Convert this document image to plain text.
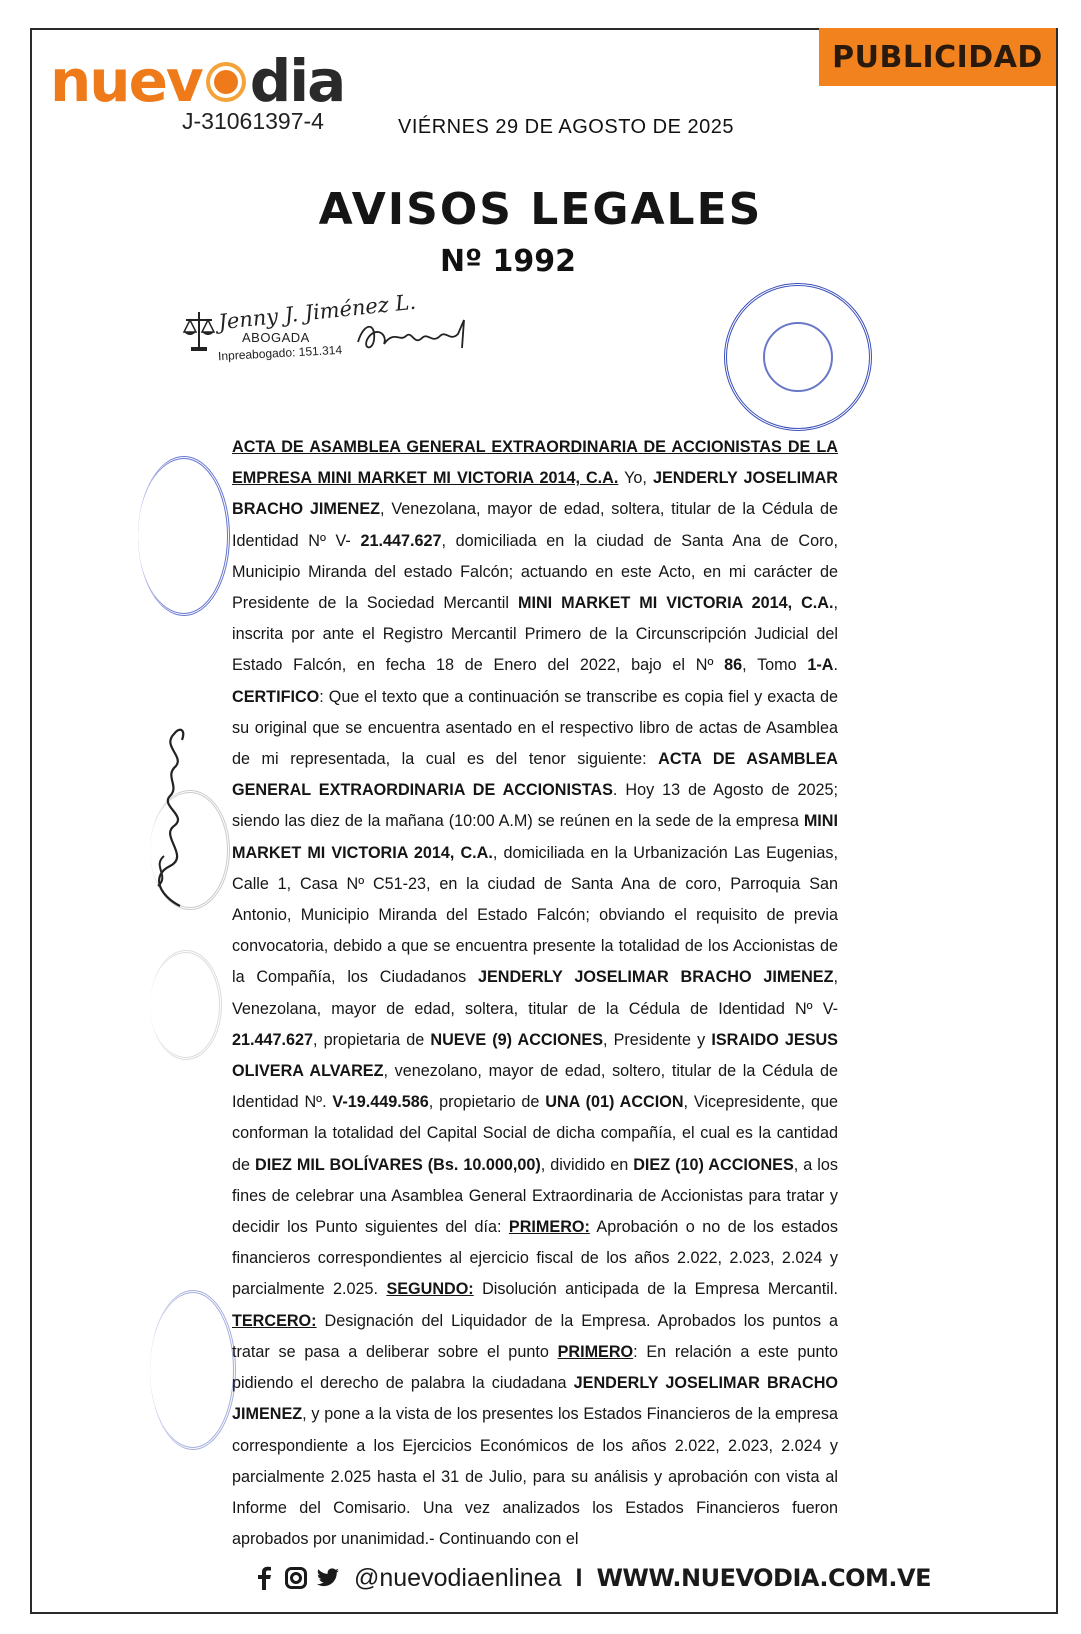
nuev dia
J-31061397-4	VIÉRNES 29 DE AGOSTO DE 2025
PUBLICIDAD
AVISOS LEGALES
Nº 1992
Jenny J. Jiménez L.
ABOGADA
Inpreabogado: 151.314
ACTA DE ASAMBLEA GENERAL EXTRAORDINARIA DE ACCIONISTAS DE LA EMPRESA MINI MARKET MI VICTORIA 2014, C.A. Yo, JENDERLY JOSELIMAR BRACHO JIMENEZ, Venezolana, mayor de edad, soltera, titular de la Cédula de Identidad Nº V- 21.447.627, domiciliada en la ciudad de Santa Ana de Coro, Municipio Miranda del estado Falcón; actuando en este Acto, en mi carácter de Presidente de la Sociedad Mercantil MINI MARKET MI VICTORIA 2014, C.A., inscrita por ante el Registro Mercantil Primero de la Circunscripción Judicial del Estado Falcón, en fecha 18 de Enero del 2022, bajo el Nº 86, Tomo 1-A. CERTIFICO: Que el texto que a continuación se transcribe es copia fiel y exacta de su original que se encuentra asentado en el respectivo libro de actas de Asamblea de mi representada, la cual es del tenor siguiente: ACTA DE ASAMBLEA GENERAL EXTRAORDINARIA DE ACCIONISTAS. Hoy 13 de Agosto de 2025; siendo las diez de la mañana (10:00 A.M) se reúnen en la sede de la empresa MINI MARKET MI VICTORIA 2014, C.A., domiciliada en la Urbanización Las Eugenias, Calle 1, Casa Nº C51-23, en la ciudad de Santa Ana de coro, Parroquia San Antonio, Municipio Miranda del Estado Falcón; obviando el requisito de previa convocatoria, debido a que se encuentra presente la totalidad de los Accionistas de la Compañía, los Ciudadanos JENDERLY JOSELIMAR BRACHO JIMENEZ, Venezolana, mayor de edad, soltera, titular de la Cédula de Identidad Nº V- 21.447.627, propietaria de NUEVE (9) ACCIONES, Presidente y ISRAIDO JESUS OLIVERA ALVAREZ, venezolano, mayor de edad, soltero, titular de la Cédula de Identidad Nº. V-19.449.586, propietario de UNA (01) ACCION, Vicepresidente, que conforman la totalidad del Capital Social de dicha compañía, el cual es la cantidad de DIEZ MIL BOLÍVARES (Bs. 10.000,00), dividido en DIEZ (10) ACCIONES, a los fines de celebrar una Asamblea General Extraordinaria de Accionistas para tratar y decidir los Punto siguientes del día: PRIMERO: Aprobación o no de los estados financieros correspondientes al ejercicio fiscal de los años 2.022, 2.023, 2.024 y parcialmente 2.025. SEGUNDO: Disolución anticipada de la Empresa Mercantil. TERCERO: Designación del Liquidador de la Empresa. Aprobados los puntos a tratar se pasa a deliberar sobre el punto PRIMERO: En relación a este punto pidiendo el derecho de palabra la ciudadana JENDERLY JOSELIMAR BRACHO JIMENEZ, y pone a la vista de los presentes los Estados Financieros de la empresa correspondiente a los Ejercicios Económicos de los años 2.022, 2.023, 2.024 y parcialmente 2.025 hasta el 31 de Julio, para su análisis y aprobación con vista al Informe del Comisario. Una vez analizados los Estados Financieros fueron aprobados por unanimidad.- Continuando con el
@nuevodiaenlinea I WWW.NUEVODIA.COM.VE
